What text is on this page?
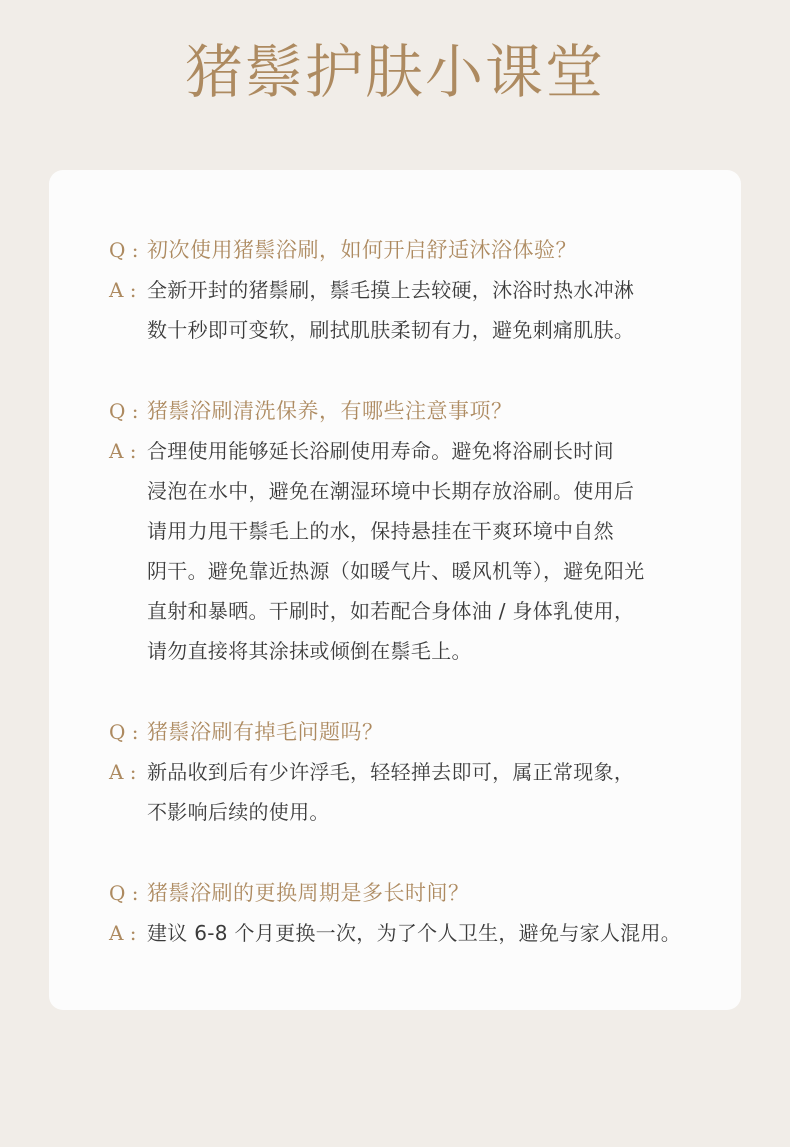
猪鬃护肤小课堂
Q : 初次使用猪鬃浴刷，如何开启舒适沐浴体验？
A : 全新开封的猪鬃刷，鬃毛摸上去较硬，沐浴时热水冲淋
数十秒即可变软，刷拭肌肤柔韧有力，避免刺痛肌肤。
Q : 猪鬃浴刷清洗保养，有哪些注意事项？
A : 合理使用能够延长浴刷使用寿命。避免将浴刷长时间
浸泡在水中，避免在潮湿环境中长期存放浴刷。使用后
请用力甩干鬃毛上的水，保持悬挂在干爽环境中自然
阴干。避免靠近热源（如暖气片、暖风机等），避免阳光
直射和暴晒。干刷时，如若配合身体油 / 身体乳使用，
请勿直接将其涂抹或倾倒在鬃毛上。
Q : 猪鬃浴刷有掉毛问题吗？
A : 新品收到后有少许浮毛，轻轻掸去即可，属正常现象，
不影响后续的使用。
Q : 猪鬃浴刷的更换周期是多长时间？
A : 建议 6-8 个月更换一次，为了个人卫生，避免与家人混用。
